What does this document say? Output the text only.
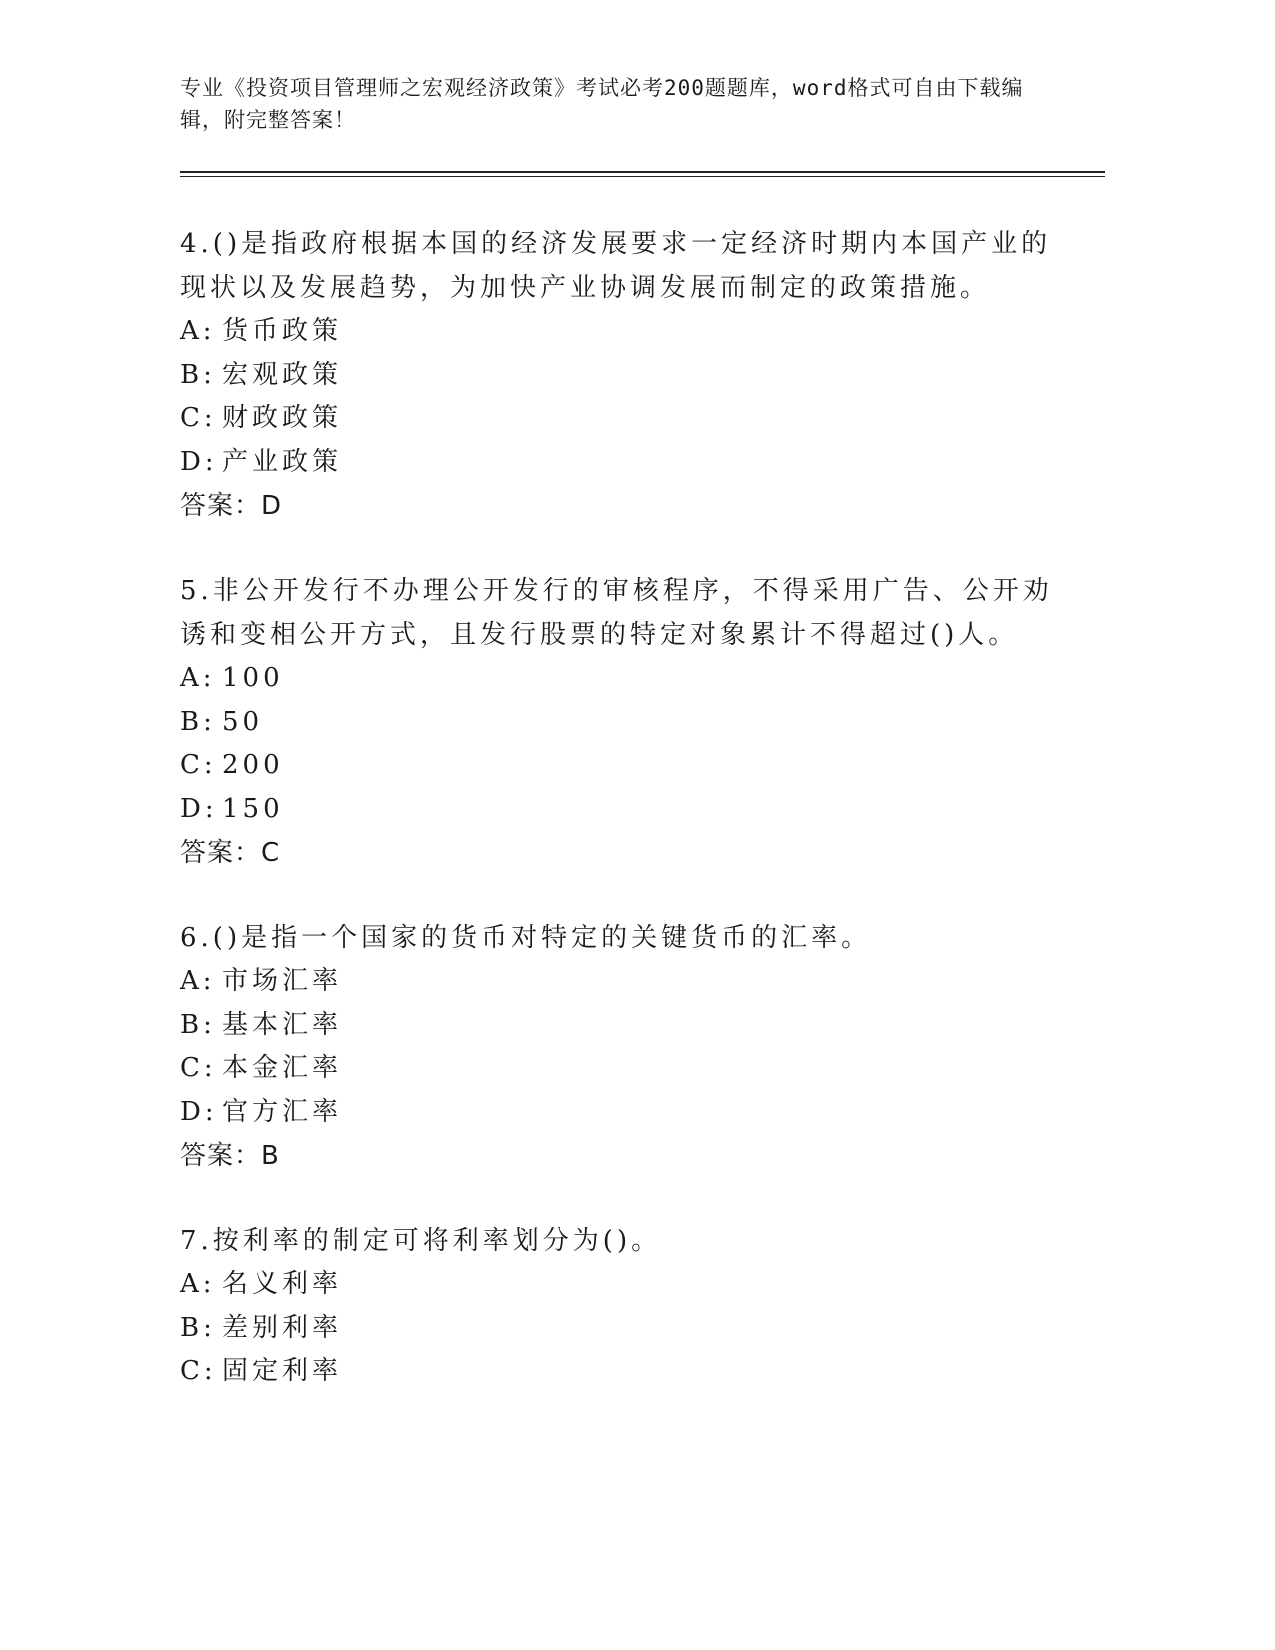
专业《投资项目管理师之宏观经济政策》考试必考200题题库，word格式可自由下载编辑，附完整答案！
4.()是指政府根据本国的经济发展要求一定经济时期内本国产业的现状以及发展趋势，为加快产业协调发展而制定的政策措施。
A: 货币政策
B: 宏观政策
C: 财政政策
D: 产业政策
答案：D
5.非公开发行不办理公开发行的审核程序，不得采用广告、公开劝诱和变相公开方式，且发行股票的特定对象累计不得超过()人。
A: 100
B: 50
C: 200
D: 150
答案：C
6.()是指一个国家的货币对特定的关键货币的汇率。
A: 市场汇率
B: 基本汇率
C: 本金汇率
D: 官方汇率
答案：B
7.按利率的制定可将利率划分为()。
A: 名义利率
B: 差别利率
C: 固定利率
